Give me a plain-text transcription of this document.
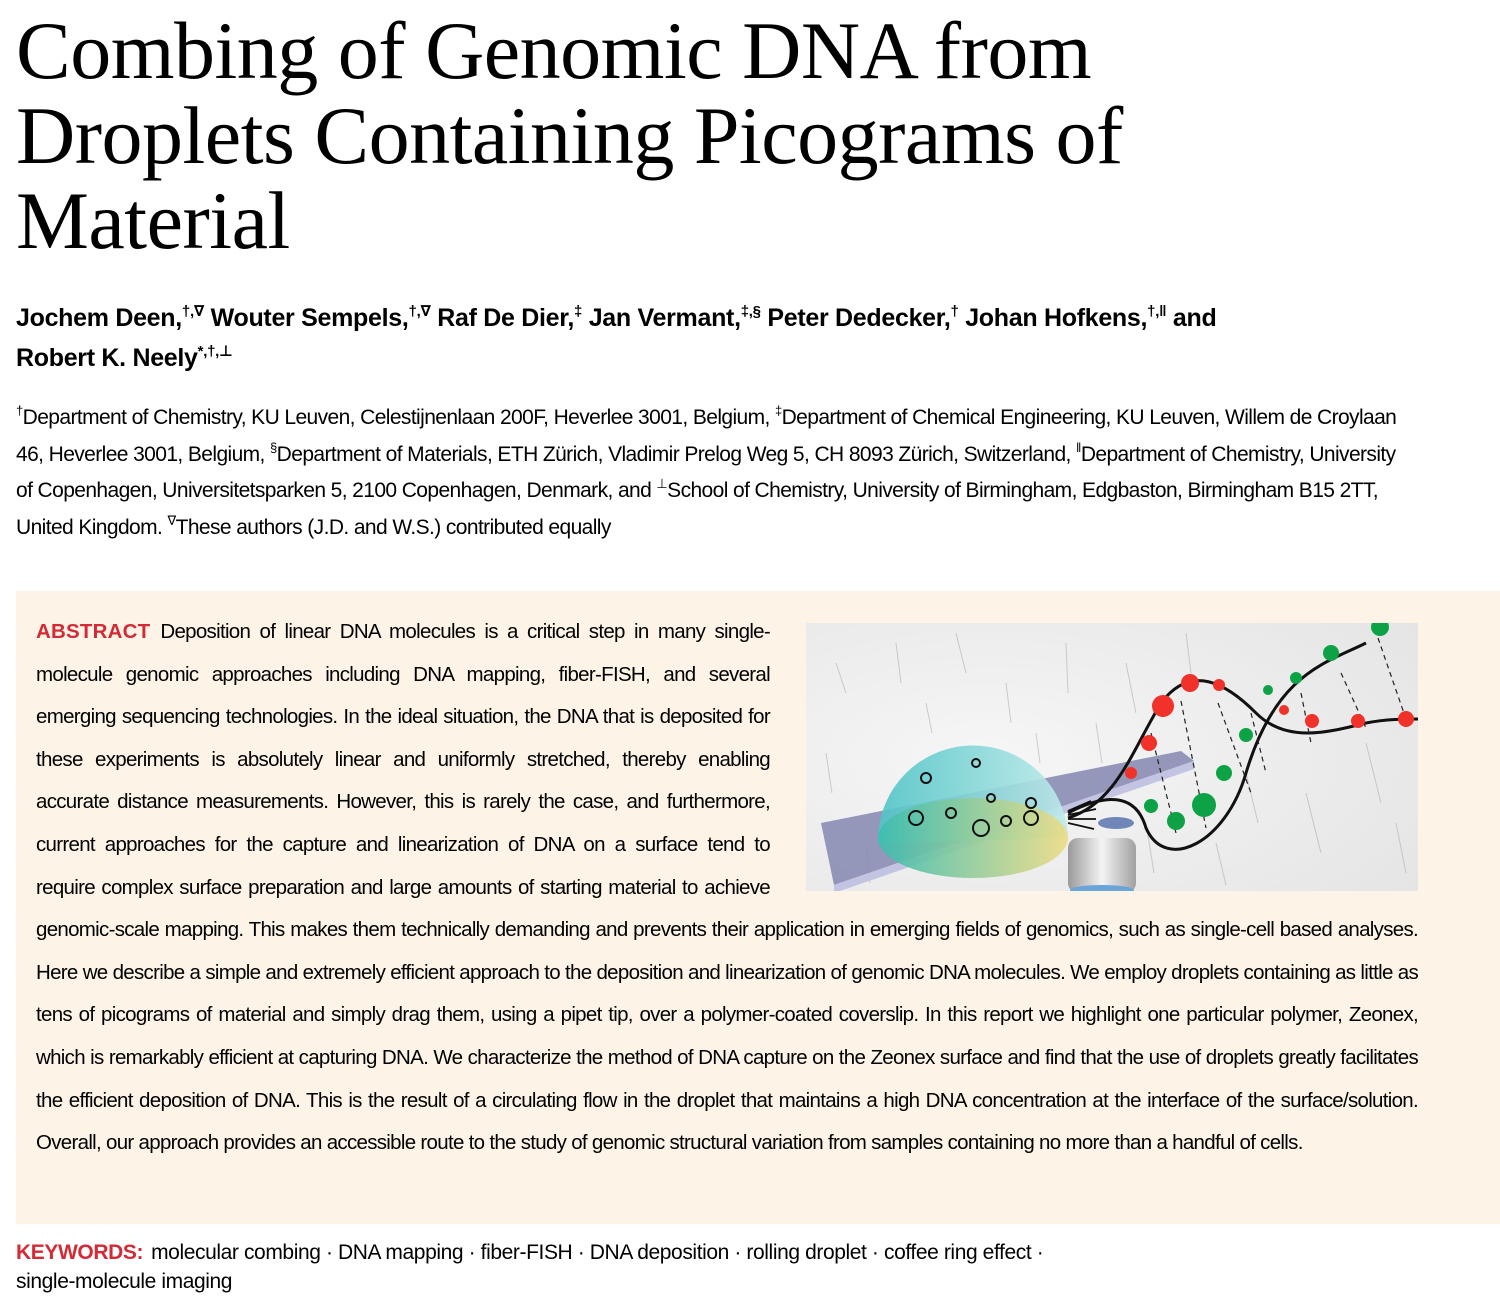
Combing of Genomic DNA from Droplets Containing Picograms of Material
Jochem Deen,†,∇ Wouter Sempels,†,∇ Raf De Dier,‡ Jan Vermant,‡,§ Peter Dedecker,† Johan Hofkens,†,‖ and
Robert K. Neely*,†,⊥
†Department of Chemistry, KU Leuven, Celestijnenlaan 200F, Heverlee 3001, Belgium, ‡Department of Chemical Engineering, KU Leuven, Willem de Croylaan 46, Heverlee 3001, Belgium, §Department of Materials, ETH Zürich, Vladimir Prelog Weg 5, CH 8093 Zürich, Switzerland, ‖Department of Chemistry, University of Copenhagen, Universitetsparken 5, 2100 Copenhagen, Denmark, and ⊥School of Chemistry, University of Birmingham, Edgbaston, Birmingham B15 2TT, United Kingdom. ∇These authors (J.D. and W.S.) contributed equally
ABSTRACT Deposition of linear DNA molecules is a critical step in many single-molecule genomic approaches including DNA mapping, fiber-FISH, and several emerging sequencing technologies. In the ideal situation, the DNA that is deposited for these experiments is absolutely linear and uniformly stretched, thereby enabling accurate distance measurements. However, this is rarely the case, and furthermore, current approaches for the capture and linearization of DNA on a surface tend to require complex surface preparation and large amounts of starting material to achieve genomic-scale mapping. This makes them technically demanding and prevents their application in emerging fields of genomics, such as single-cell based analyses. Here we describe a simple and extremely efficient approach to the deposition and linearization of genomic DNA molecules. We employ droplets containing as little as tens of picograms of material and simply drag them, using a pipet tip, over a polymer-coated coverslip. In this report we highlight one particular polymer, Zeonex, which is remarkably efficient at capturing DNA. We characterize the method of DNA capture on the Zeonex surface and find that the use of droplets greatly facilitates the efficient deposition of DNA. This is the result of a circulating flow in the droplet that maintains a high DNA concentration at the interface of the surface/solution. Overall, our approach provides an accessible route to the study of genomic structural variation from samples containing no more than a handful of cells.
KEYWORDS: molecular combing · DNA mapping · fiber-FISH · DNA deposition · rolling droplet · coffee ring effect ·
single-molecule imaging
